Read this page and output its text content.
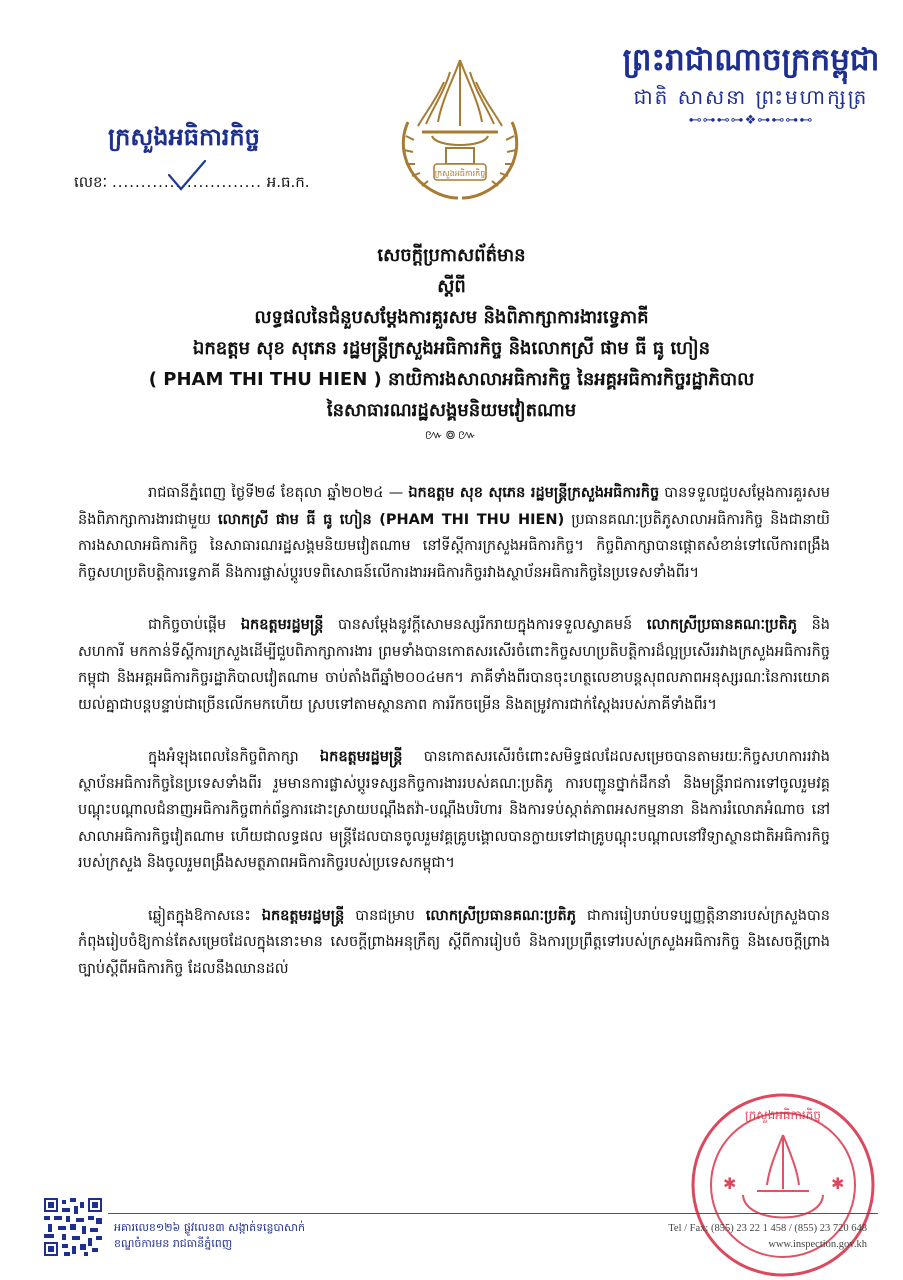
ព្រះរាជាណាចក្រកម្ពុជា
ជាតិ សាសនា ព្រះមហាក្សត្រ
⊷⊶⊷⊶❖⊶⊷⊶⊷
ក្រសួងអធិការកិច្ច
ក្រសួងអធិការកិច្ច
លេខៈ .......................... អ.ធ.ក.
សេចក្ដីប្រកាសព័ត៌មាន
ស្ដីពី
លទ្ធផលនៃជំនួបសម្ដែងការគួរសម និងពិភាក្សាការងារទ្វេភាគី
ឯកឧត្តម សុខ សុភេន រដ្ឋមន្ត្រីក្រសួងអធិការកិច្ច និងលោកស្រី ផាម ធី ធូ ហៀន
( PHAM THI THU HIEN ) នាយិការងសាលាអធិការកិច្ច នៃអគ្គអធិការកិច្ចរដ្ឋាភិបាល
នៃសាធារណរដ្ឋសង្គមនិយមវៀតណាម
៚៙៚

រាជធានីភ្នំពេញ ថ្ងៃទី២៨ ខែតុលា ឆ្នាំ២០២៤ — ឯកឧត្តម សុខ សុភេន រដ្ឋមន្ត្រីក្រសួងអធិការកិច្ច បានទទួលជួបសម្ដែងការគួរសម និងពិភាក្សាការងារជាមួយ លោកស្រី ផាម ធី ធូ ហៀន (PHAM THI THU HIEN) ប្រធានគណៈប្រតិភូសាលាអធិការកិច្ច និងជានាយិការងសាលាអធិការកិច្ច នៃសាធារណរដ្ឋសង្គមនិយមវៀតណាម នៅទីស្ដីការក្រសួងអធិការកិច្ច។ កិច្ចពិភាក្សាបានផ្ដោតសំខាន់ទៅលើការពង្រឹងកិច្ចសហប្រតិបត្តិការទ្វេភាគី និងការផ្លាស់ប្ដូរបទពិសោធន៍លើការងារអធិការកិច្ចរវាងស្ថាប័នអធិការកិច្ចនៃប្រទេសទាំងពីរ។

ជាកិច្ចចាប់ផ្ដើម ឯកឧត្តមរដ្ឋមន្ត្រី បានសម្ដែងនូវក្ដីសោមនស្សរីករាយក្នុងការទទួលស្វាគមន៍ លោកស្រីប្រធានគណៈប្រតិភូ និងសហការី មកកាន់ទីស្ដីការក្រសួងដើម្បីជួបពិភាក្សាការងារ ព្រមទាំងបានកោតសរសើរចំពោះកិច្ចសហប្រតិបត្តិការដ៏ល្អប្រសើររវាងក្រសួងអធិការកិច្ចកម្ពុជា និងអគ្គអធិការកិច្ចរដ្ឋាភិបាលវៀតណាម ចាប់តាំងពីឆ្នាំ២០០៤មក។ ភាគីទាំងពីរបានចុះហត្ថលេខាបន្តសុពលភាពអនុស្សរណៈនៃការយោគយល់គ្នាជាបន្តបន្ទាប់ជាច្រើនលើកមកហើយ ស្របទៅតាមស្ថានភាព ការរីកចម្រើន និងតម្រូវការជាក់ស្ដែងរបស់ភាគីទាំងពីរ។

ក្នុងអំឡុងពេលនៃកិច្ចពិភាក្សា ឯកឧត្តមរដ្ឋមន្ត្រី បានកោតសរសើរចំពោះសមិទ្ធផលដែលសម្រេចបានតាមរយៈកិច្ចសហការរវាងស្ថាប័នអធិការកិច្ចនៃប្រទេសទាំងពីរ រួមមានការផ្លាស់ប្ដូរទស្សនកិច្ចការងាររបស់គណៈប្រតិភូ ការបញ្ជូនថ្នាក់ដឹកនាំ និងមន្ត្រីរាជការទៅចូលរួមវគ្គបណ្ដុះបណ្ដាលជំនាញអធិការកិច្ចពាក់ព័ន្ធការដោះស្រាយបណ្ដឹងតវ៉ា-បណ្ដឹងបរិហារ និងការទប់ស្កាត់ភាពអសកម្មនានា និងការរំលោភអំណាច នៅសាលាអធិការកិច្ចវៀតណាម ហើយជាលទ្ធផល មន្ត្រីដែលបានចូលរួមវគ្គគ្រូបង្គោលបានក្លាយទៅជាគ្រូបណ្ដុះបណ្ដាលនៅវិទ្យាស្ថានជាតិអធិការកិច្ចរបស់ក្រសួង និងចូលរួមពង្រឹងសមត្ថភាពអធិការកិច្ចរបស់ប្រទេសកម្ពុជា។

ឆ្លៀតក្នុងឱកាសនេះ ឯកឧត្តមរដ្ឋមន្ត្រី បានជម្រាប លោកស្រីប្រធានគណៈប្រតិភូ ជាការរៀបរាប់បទប្បញ្ញត្តិនានារបស់ក្រសួងបានកំពុងរៀបចំឱ្យកាន់តែសម្រេចដែលក្នុងនោះមាន សេចក្ដីព្រាងអនុក្រឹត្យ ស្ដីពីការរៀបចំ និងការប្រព្រឹត្តទៅរបស់ក្រសួងអធិការកិច្ច និងសេចក្ដីព្រាងច្បាប់ស្ដីពីអធិការកិច្ច ដែលនឹងឈានដល់

✱	✱
ក្រសួងអធិការកិច្ច
អគារលេខ១២៦ ផ្លូវលេខ៣ សង្កាត់ទន្លេបាសាក់
ខណ្ឌចំការមន រាជធានីភ្នំពេញ
Tel / Fax: (855) 23 22 1 458 / (855) 23 720 648
www.inspection.gov.kh
